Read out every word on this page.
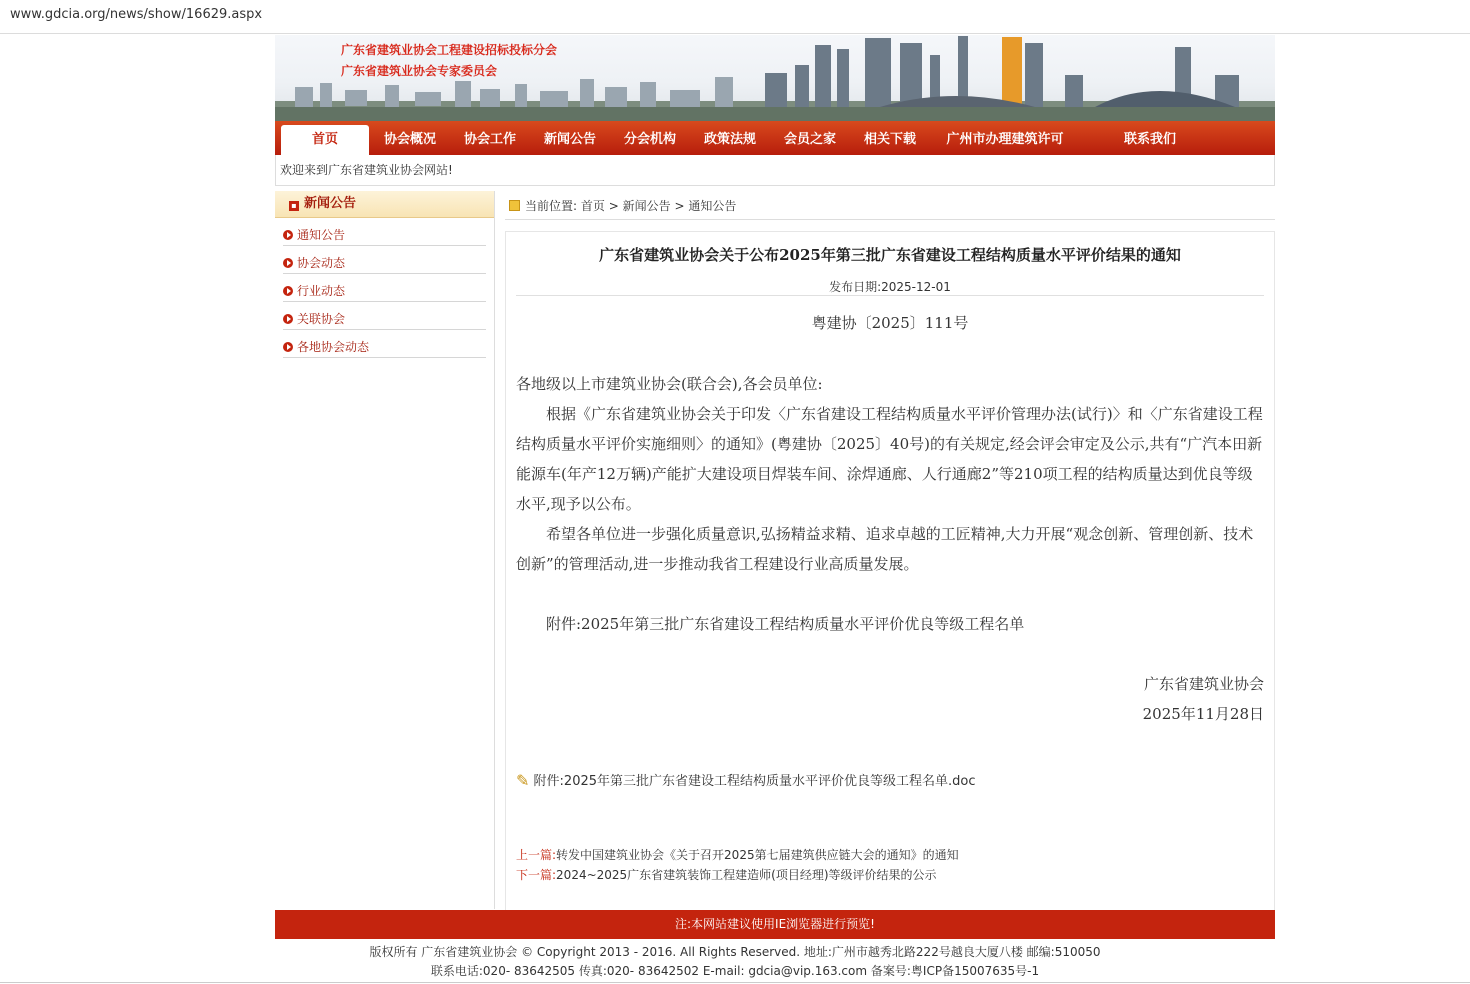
www.gdcia.org/news/show/16629.aspx
广东省建筑业协会工程建设招标投标分会
广东省建筑业协会专家委员会
首页	协会概况	协会工作	新闻公告	分会机构	政策法规	会员之家	相关下载	广州市办理建筑许可	联系我们
欢迎来到广东省建筑业协会网站!
▪ 新闻公告
通知公告
协会动态
行业动态
关联协会
各地协会动态
当前位置: 首页 > 新闻公告 > 通知公告
广东省建筑业协会关于公布2025年第三批广东省建设工程结构质量水平评价结果的通知
发布日期:2025-12-01
粤建协〔2025〕111号
各地级以上市建筑业协会(联合会),各会员单位:
根据《广东省建筑业协会关于印发〈广东省建设工程结构质量水平评价管理办法(试行)〉和〈广东省建设工程结构质量水平评价实施细则〉的通知》(粤建协〔2025〕40号)的有关规定,经会评会审定及公示,共有“广汽本田新能源车(年产12万辆)产能扩大建设项目焊装车间、涂焊通廊、人行通廊2”等210项工程的结构质量达到优良等级水平,现予以公布。
希望各单位进一步强化质量意识,弘扬精益求精、追求卓越的工匠精神,大力开展“观念创新、管理创新、技术创新”的管理活动,进一步推动我省工程建设行业高质量发展。
附件:2025年第三批广东省建设工程结构质量水平评价优良等级工程名单
广东省建筑业协会
2025年11月28日
✎ 附件:2025年第三批广东省建设工程结构质量水平评价优良等级工程名单.doc
上一篇:转发中国建筑业协会《关于召开2025第七届建筑供应链大会的通知》的通知
下一篇:2024~2025广东省建筑装饰工程建造师(项目经理)等级评价结果的公示
注:本网站建议使用IE浏览器进行预览!
版权所有 广东省建筑业协会 © Copyright 2013 - 2016. All Rights Reserved. 地址:广州市越秀北路222号越良大厦八楼 邮编:510050
联系电话:020- 83642505 传真:020- 83642502 E-mail: gdcia@vip.163.com 备案号:粤ICP备15007635号-1
